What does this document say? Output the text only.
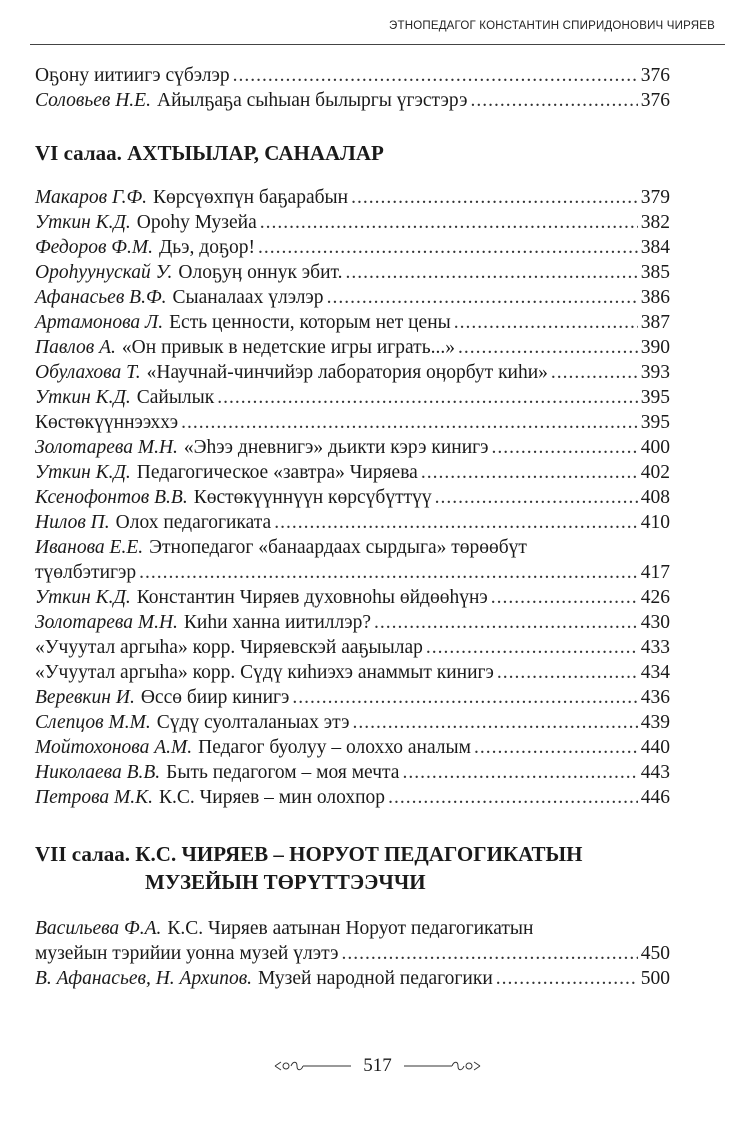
ЭТНОПЕДАГОГ КОНСТАНТИН СПИРИДОНОВИЧ ЧИРЯЕВ
Оҕону иитиигэ сүбэлэр .....	376
Соловьев Н.Е. Айылҕаҕа сыһыан былыргы үгэстэрэ .....	376
VI салаа. АХТЫЫЛАР, САНААЛАР
Макаров Г.Ф. Көрсүөхпүн баҕарабын .....	379
Уткин К.Д. Ороһу Музейа .....	382
Федоров Ф.М. Дьэ, доҕор! .....	384
Ороһуунускай У. Олоҕуӊ оннук эбит. .....	385
Афанасьев В.Ф. Сыаналаах үлэлэр .....	386
Артамонова Л. Есть ценности, которым нет цены .....	387
Павлов А. «Он привык в недетские игры играть...» .....	390
Обулахова Т. «Научнай-чинчийэр лаборатория оӊорбут киһи» .....	393
Уткин К.Д. Сайылык .....	395
Көстөкүүннээххэ .....	395
Золотарева М.Н. «Эһээ дневнигэ» дьикти кэрэ кинигэ .....	400
Уткин К.Д. Педагогическое «завтра» Чиряева .....	402
Ксенофонтов В.В. Көстөкүүннүүн көрсүбүттүү .....	408
Нилов П. Олох педагогиката .....	410
Иванова Е.Е. Этнопедагог «банаардаах сырдыга» төрөөбүт
түөлбэтигэр .....	417
Уткин К.Д. Константин Чиряев духовноһы өйдөөһүнэ .....	426
Золотарева М.Н. Киһи ханна иитиллэр? .....	430
«Учуутал аргыһа» корр. Чиряевскэй ааҕыылар .....	433
«Учуутал аргыһа» корр. Сүдү киһиэхэ анаммыт кинигэ .....	434
Веревкин И. Өссө биир кинигэ .....	436
Слепцов М.М. Сүдү суолталаныах этэ .....	439
Мойтохонова А.М. Педагог буолуу – олоххо аналым .....	440
Николаева В.В. Быть педагогом – моя мечта .....	443
Петрова М.К. К.С. Чиряев – мин олохпор .....	446
VII салаа. К.С. ЧИРЯЕВ – НОРУОТ ПЕДАГОГИКАТЫН
МУЗЕЙЫН ТӨРҮТТЭЭЧЧИ
Васильева Ф.А. К.С. Чиряев аатынан Норуот педагогикатын
музейын тэрийии уонна музей үлэтэ .....	450
В. Афанасьев, Н. Архипов. Музей народной педагогики .....	500
517
